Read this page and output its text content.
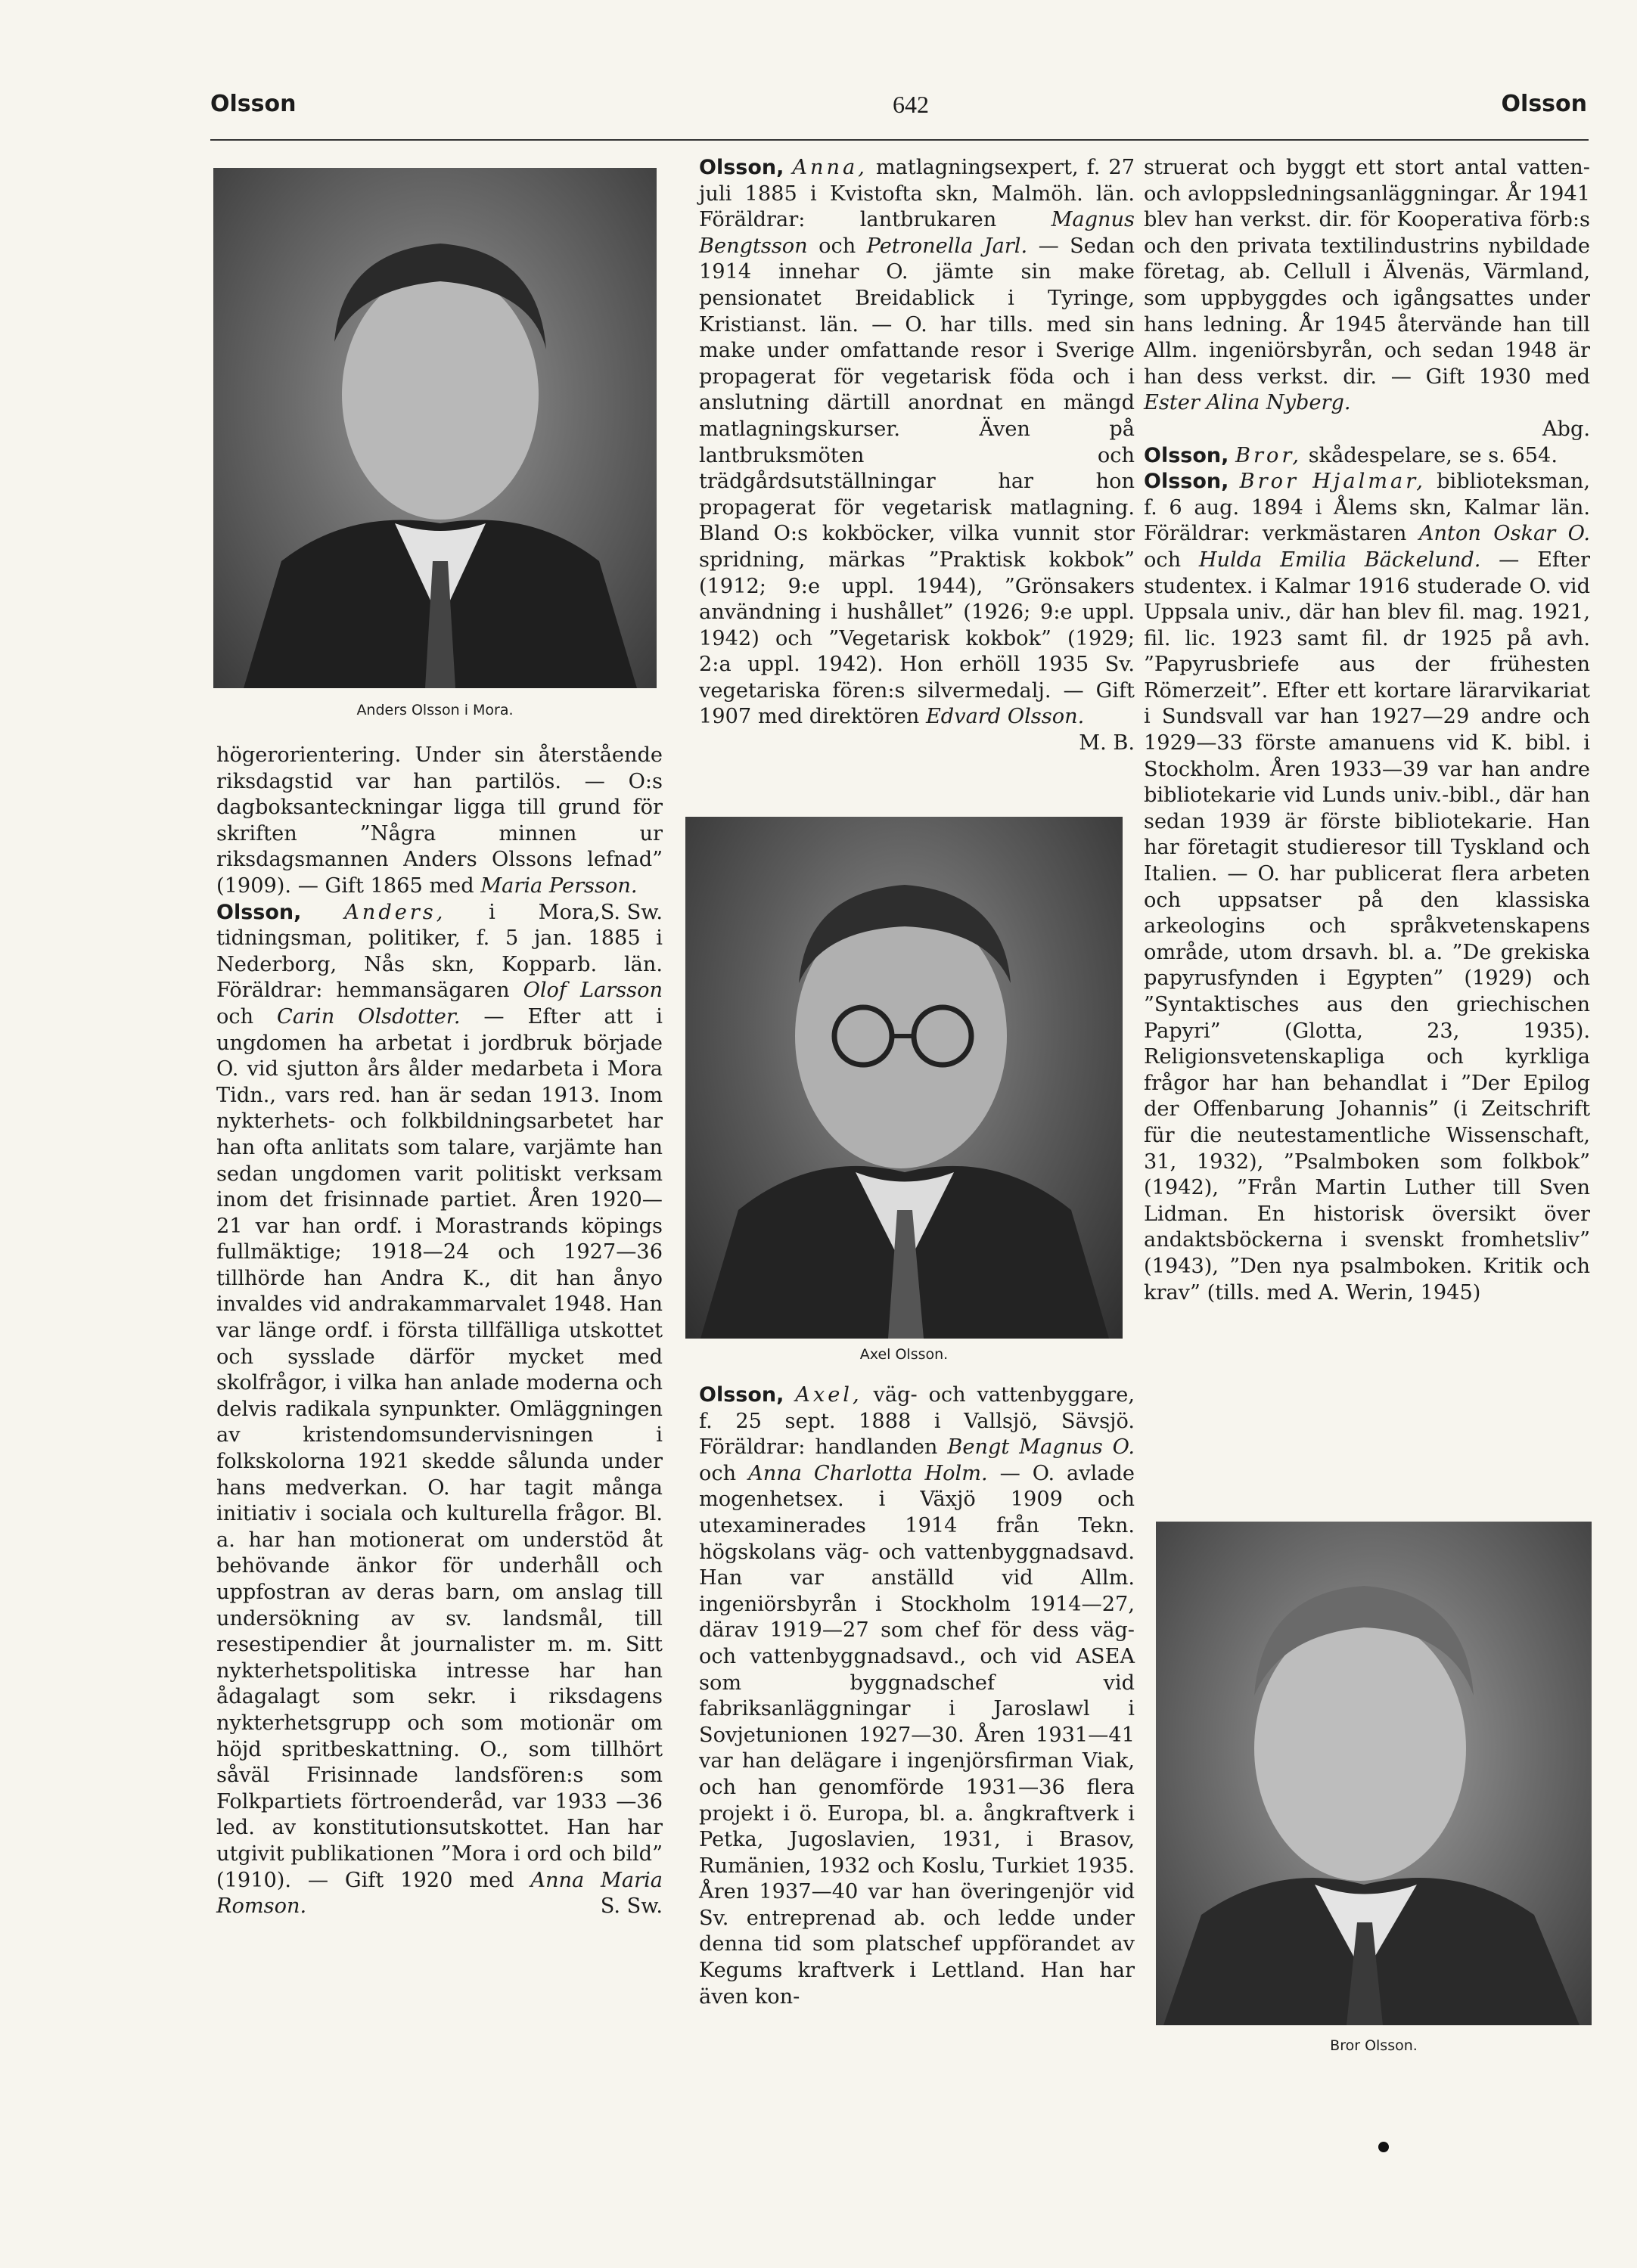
Olsson	642	Olsson
Anders Olsson i Mora.
Axel Olsson.
Bror Olsson.

högerorientering. Under sin återstående riksdagstid var han partilös. — O:s dagboksanteckningar ligga till grund för skriften ”Några minnen ur riksdagsmannen Anders Olssons lefnad” (1909). — Gift 1865 med Maria Persson.
S. Sw.

Olsson, Anders, i Mora, tidningsman, politiker, f. 5 jan. 1885 i Nederborg, Nås skn, Kopparb. län. Föräldrar: hemmansägaren Olof Larsson och Carin Olsdotter. — Efter att i ungdomen ha arbetat i jordbruk började O. vid sjutton års ålder medarbeta i Mora Tidn., vars red. han är sedan 1913. Inom nykterhets- och folkbildningsarbetet har han ofta anlitats som talare, varjämte han sedan ungdomen varit politiskt verksam inom det frisinnade partiet. Åren 1920—21 var han ordf. i Morastrands köpings fullmäktige; 1918—24 och 1927—36 tillhörde han Andra K., dit han ånyo invaldes vid andrakammarvalet 1948. Han var länge ordf. i första tillfälliga utskottet och sysslade därför mycket med skolfrågor, i vilka han anlade moderna och delvis radikala synpunkter. Omläggningen av kristendomsundervisningen i folkskolorna 1921 skedde sålunda under hans medverkan. O. har tagit många initiativ i sociala och kulturella frågor. Bl. a. har han motionerat om understöd åt behövande änkor för underhåll och uppfostran av deras barn, om anslag till undersökning av sv. landsmål, till resestipendier åt journalister m. m. Sitt nykterhetspolitiska intresse har han ådagalagt som sekr. i riksdagens nykterhetsgrupp och som motionär om höjd spritbeskattning. O., som tillhört såväl Frisinnade landsfören:s som Folkpartiets förtroenderåd, var 1933 —36 led. av konstitutionsutskottet. Han har utgivit publikationen ”Mora i ord och bild” (1910). — Gift 1920 med Anna Maria Romson.	S. Sw.

Olsson, Anna, matlagningsexpert, f. 27 juli 1885 i Kvistofta skn, Malmöh. län. Föräldrar: lantbrukaren Magnus Bengtsson och Petronella Jarl. — Sedan 1914 innehar O. jämte sin make pensionatet Breidablick i Tyringe, Kristianst. län. — O. har tills. med sin make under omfattande resor i Sverige propagerat för vegetarisk föda och i anslutning därtill anordnat en mängd matlagningskurser. Även på lantbruksmöten och trädgårdsutställningar har hon propagerat för vegetarisk matlagning. Bland O:s kokböcker, vilka vunnit stor spridning, märkas ”Praktisk kokbok” (1912; 9:e uppl. 1944), ”Grönsakers användning i hushållet” (1926; 9:e uppl. 1942) och ”Vegetarisk kokbok” (1929; 2:a uppl. 1942). Hon erhöll 1935 Sv. vegetariska fören:s silvermedalj. — Gift 1907 med direktören Edvard Olsson.
M. B.

Olsson, Axel, väg- och vattenbyggare, f. 25 sept. 1888 i Vallsjö, Sävsjö. Föräldrar: handlanden Bengt Magnus O. och Anna Charlotta Holm. — O. avlade mogenhetsex. i Växjö 1909 och utexaminerades 1914 från Tekn. högskolans väg- och vattenbyggnadsavd. Han var anställd vid Allm. ingeniörsbyrån i Stockholm 1914—27, därav 1919—27 som chef för dess väg- och vattenbyggnadsavd., och vid ASEA som byggnadschef vid fabriksanläggningar i Jaroslawl i Sovjetunionen 1927—30. Åren 1931—41 var han delägare i ingenjörsfirman Viak, och han genomförde 1931—36 flera projekt i ö. Europa, bl. a. ångkraftverk i Petka, Jugoslavien, 1931, i Brasov, Rumänien, 1932 och Koslu, Turkiet 1935. Åren 1937—40 var han överingenjör vid Sv. entreprenad ab. och ledde under denna tid som platschef uppförandet av Kegums kraftverk i Lettland. Han har även kon-

struerat och byggt ett stort antal vatten- och avloppsledningsanläggningar. År 1941 blev han verkst. dir. för Kooperativa förb:s och den privata textilindustrins nybildade företag, ab. Cellull i Älvenäs, Värmland, som uppbyggdes och igångsattes under hans ledning. År 1945 återvände han till Allm. ingeniörsbyrån, och sedan 1948 är han dess verkst. dir. — Gift 1930 med Ester Alina Nyberg.

Abg.

Olsson, Bror, skådespelare, se s. 654.

Olsson, Bror Hjalmar, biblioteksman, f. 6 aug. 1894 i Ålems skn, Kalmar län. Föräldrar: verkmästaren Anton Oskar O. och Hulda Emilia Bäckelund. — Efter studentex. i Kalmar 1916 studerade O. vid Uppsala univ., där han blev fil. mag. 1921, fil. lic. 1923 samt fil. dr 1925 på avh. ”Papyrusbriefe aus der frühesten Römerzeit”. Efter ett kortare lärarvikariat i Sundsvall var han 1927—29 andre och 1929—33 förste amanuens vid K. bibl. i Stockholm. Åren 1933—39 var han andre bibliotekarie vid Lunds univ.-bibl., där han sedan 1939 är förste bibliotekarie. Han har företagit studieresor till Tyskland och Italien. — O. har publicerat flera arbeten och uppsatser på den klassiska arkeologins och språkvetenskapens område, utom drsavh. bl. a. ”De grekiska papyrusfynden i Egypten” (1929) och ”Syntaktisches aus den griechischen Papyri” (Glotta, 23, 1935). Religionsvetenskapliga och kyrkliga frågor har han behandlat i ”Der Epilog der Offenbarung Johannis” (i Zeitschrift für die neutestamentliche Wissenschaft, 31, 1932), ”Psalmboken som folkbok” (1942), ”Från Martin Luther till Sven Lidman. En historisk översikt över andaktsböckerna i svenskt fromhetsliv” (1943), ”Den nya psalmboken. Kritik och krav” (tills. med A. Werin, 1945)
